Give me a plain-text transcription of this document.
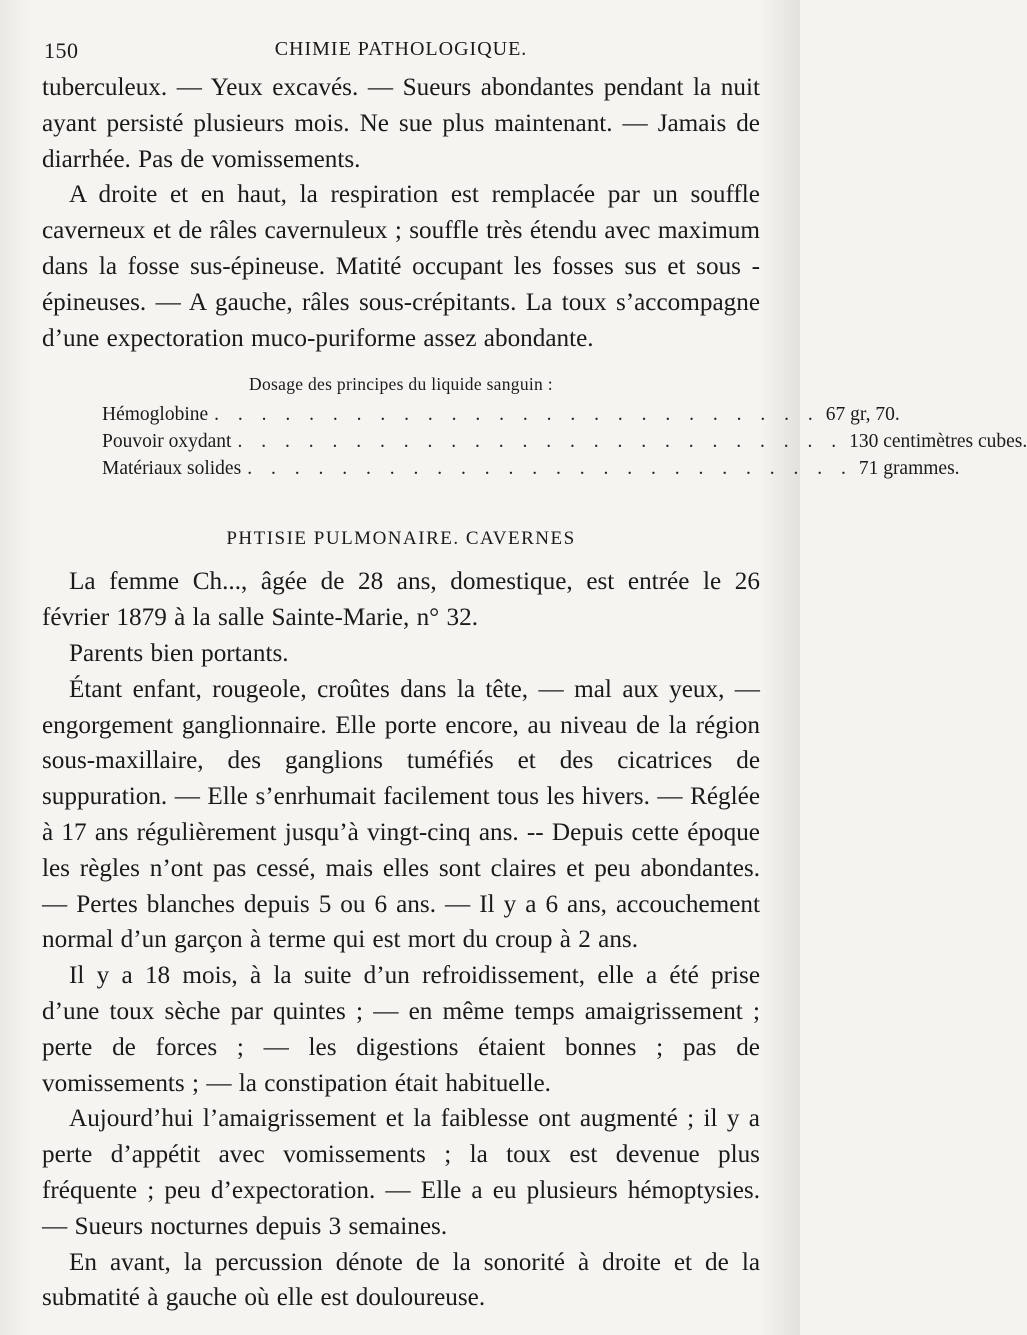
150	CHIMIE PATHOLOGIQUE.

tuberculeux. — Yeux excavés. — Sueurs abondantes pendant la nuit ayant persisté plusieurs mois. Ne sue plus maintenant. — Jamais de diarrhée. Pas de vomissements.

A droite et en haut, la respiration est remplacée par un souffle caverneux et de râles cavernuleux ; souffle très étendu avec maximum dans la fosse sus-épineuse. Matité occupant les fosses sus et sous - épineuses. — A gauche, râles sous-crépitants. La toux s’accompagne d’une expectoration muco-puriforme assez abondante.

Dosage des principes du liquide sanguin :
Hémoglobine . . . . . . . . . . . . . . . . . . . . . . . . . . 67 gr, 70.
Pouvoir oxydant . . . . . . . . . . . . . . . . . . . . . . . . . . 130 centimètres cubes.
Matériaux solides . . . . . . . . . . . . . . . . . . . . . . . . . . 71 grammes.
PHTISIE PULMONAIRE. CAVERNES

La femme Ch..., âgée de 28 ans, domestique, est entrée le 26 février 1879 à la salle Sainte-Marie, n° 32.

Parents bien portants.

Étant enfant, rougeole, croûtes dans la tête, — mal aux yeux, — engorgement ganglionnaire. Elle porte encore, au niveau de la région sous-maxillaire, des ganglions tuméfiés et des cicatrices de suppuration. — Elle s’enrhumait facilement tous les hivers. — Réglée à 17 ans régulièrement jusqu’à vingt-cinq ans. -- Depuis cette époque les règles n’ont pas cessé, mais elles sont claires et peu abondantes. — Pertes blanches depuis 5 ou 6 ans. — Il y a 6 ans, accouchement normal d’un garçon à terme qui est mort du croup à 2 ans.

Il y a 18 mois, à la suite d’un refroidissement, elle a été prise d’une toux sèche par quintes ; — en même temps amaigrissement ; perte de forces ; — les digestions étaient bonnes ; pas de vomissements ; — la constipation était habituelle.

Aujourd’hui l’amaigrissement et la faiblesse ont augmenté ; il y a perte d’appétit avec vomissements ; la toux est devenue plus fréquente ; peu d’expectoration. — Elle a eu plusieurs hémoptysies. — Sueurs nocturnes depuis 3 semaines.

En avant, la percussion dénote de la sonorité à droite et de la submatité à gauche où elle est douloureuse.
